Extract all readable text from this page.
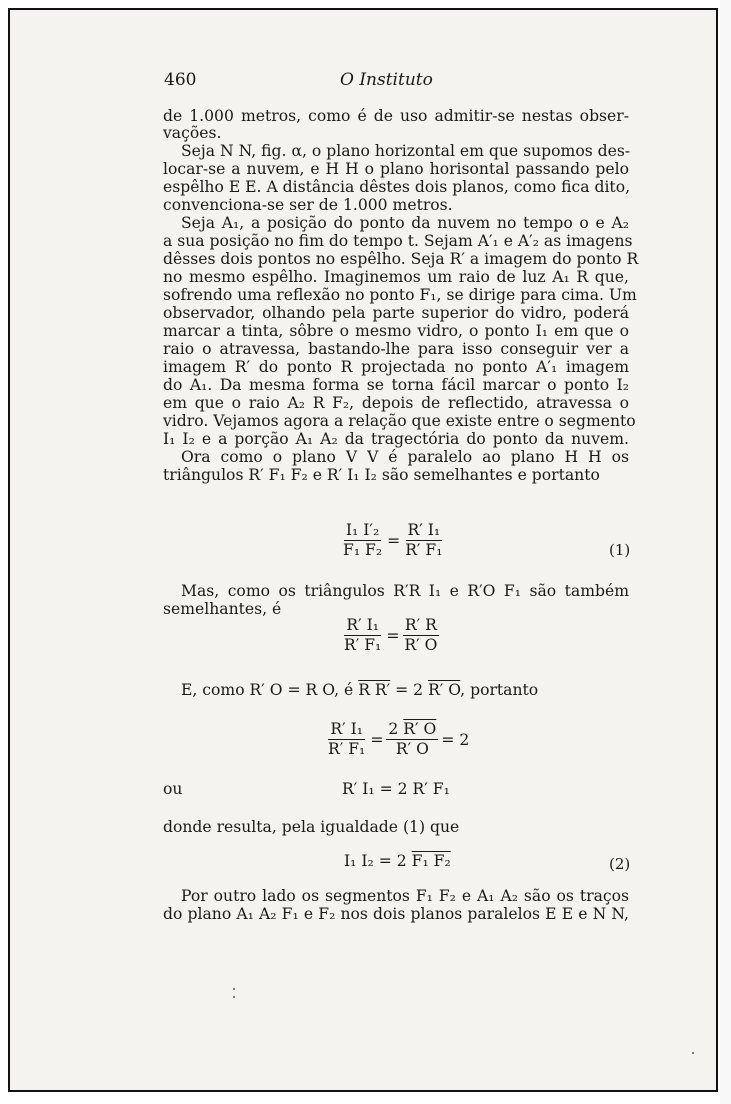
460	O Instituto
de 1.000 metros, como é de uso admitir-se nestas obser-
vações.
Seja N N, fig. α, o plano horizontal em que supomos des-
locar-se a nuvem, e H H o plano horisontal passando pelo
espêlho E E. A distância dêstes dois planos, como fica dito,
convenciona-se ser de 1.000 metros.
Seja A₁, a posição do ponto da nuvem no tempo o e A₂
a sua posição no fim do tempo t. Sejam A′₁ e A′₂ as imagens
dêsses dois pontos no espêlho. Seja R′ a imagem do ponto R
no mesmo espêlho. Imaginemos um raio de luz A₁ R que,
sofrendo uma reflexão no ponto F₁, se dirige para cima. Um
observador, olhando pela parte superior do vidro, poderá
marcar a tinta, sôbre o mesmo vidro, o ponto I₁ em que o
raio o atravessa, bastando-lhe para isso conseguir ver a
imagem R′ do ponto R projectada no ponto A′₁ imagem
do A₁. Da mesma forma se torna fácil marcar o ponto I₂
em que o raio A₂ R F₂, depois de reflectido, atravessa o
vidro. Vejamos agora a relação que existe entre o segmento
I₁ I₂ e a porção A₁ A₂ da tragectória do ponto da nuvem.
Ora como o plano V V é paralelo ao plano H H os
triângulos R′ F₁ F₂ e R′ I₁ I₂ são semelhantes e portanto
$\frac{\text{I₁ I′₂}}{\text{F₁ F₂}} = \frac{\text{R′ I₁}}{\text{R′ F₁}}$	(1)
Mas, como os triângulos R′R I₁ e R′O F₁ são também
semelhantes, é
$\frac{\text{R′ I₁}}{\text{R′ F₁}} = \frac{R' R}{R' O}$
E, como R′ O = R O, é R R′ = 2 R′ O, portanto
$\frac{\text{R′ I₁}}{\text{R′ F₁}} = \frac{2 R' O}{R' O} = 2$
ou	R′ I₁ = 2 R′ F₁
donde resulta, pela igualdade (1) que
I₁ I₂ = 2 F₁ F₂	(2)
Por outro lado os segmentos F₁ F₂ e A₁ A₂ são os traços
do plano A₁ A₂ F₁ e F₂ nos dois planos paralelos E E e N N,
